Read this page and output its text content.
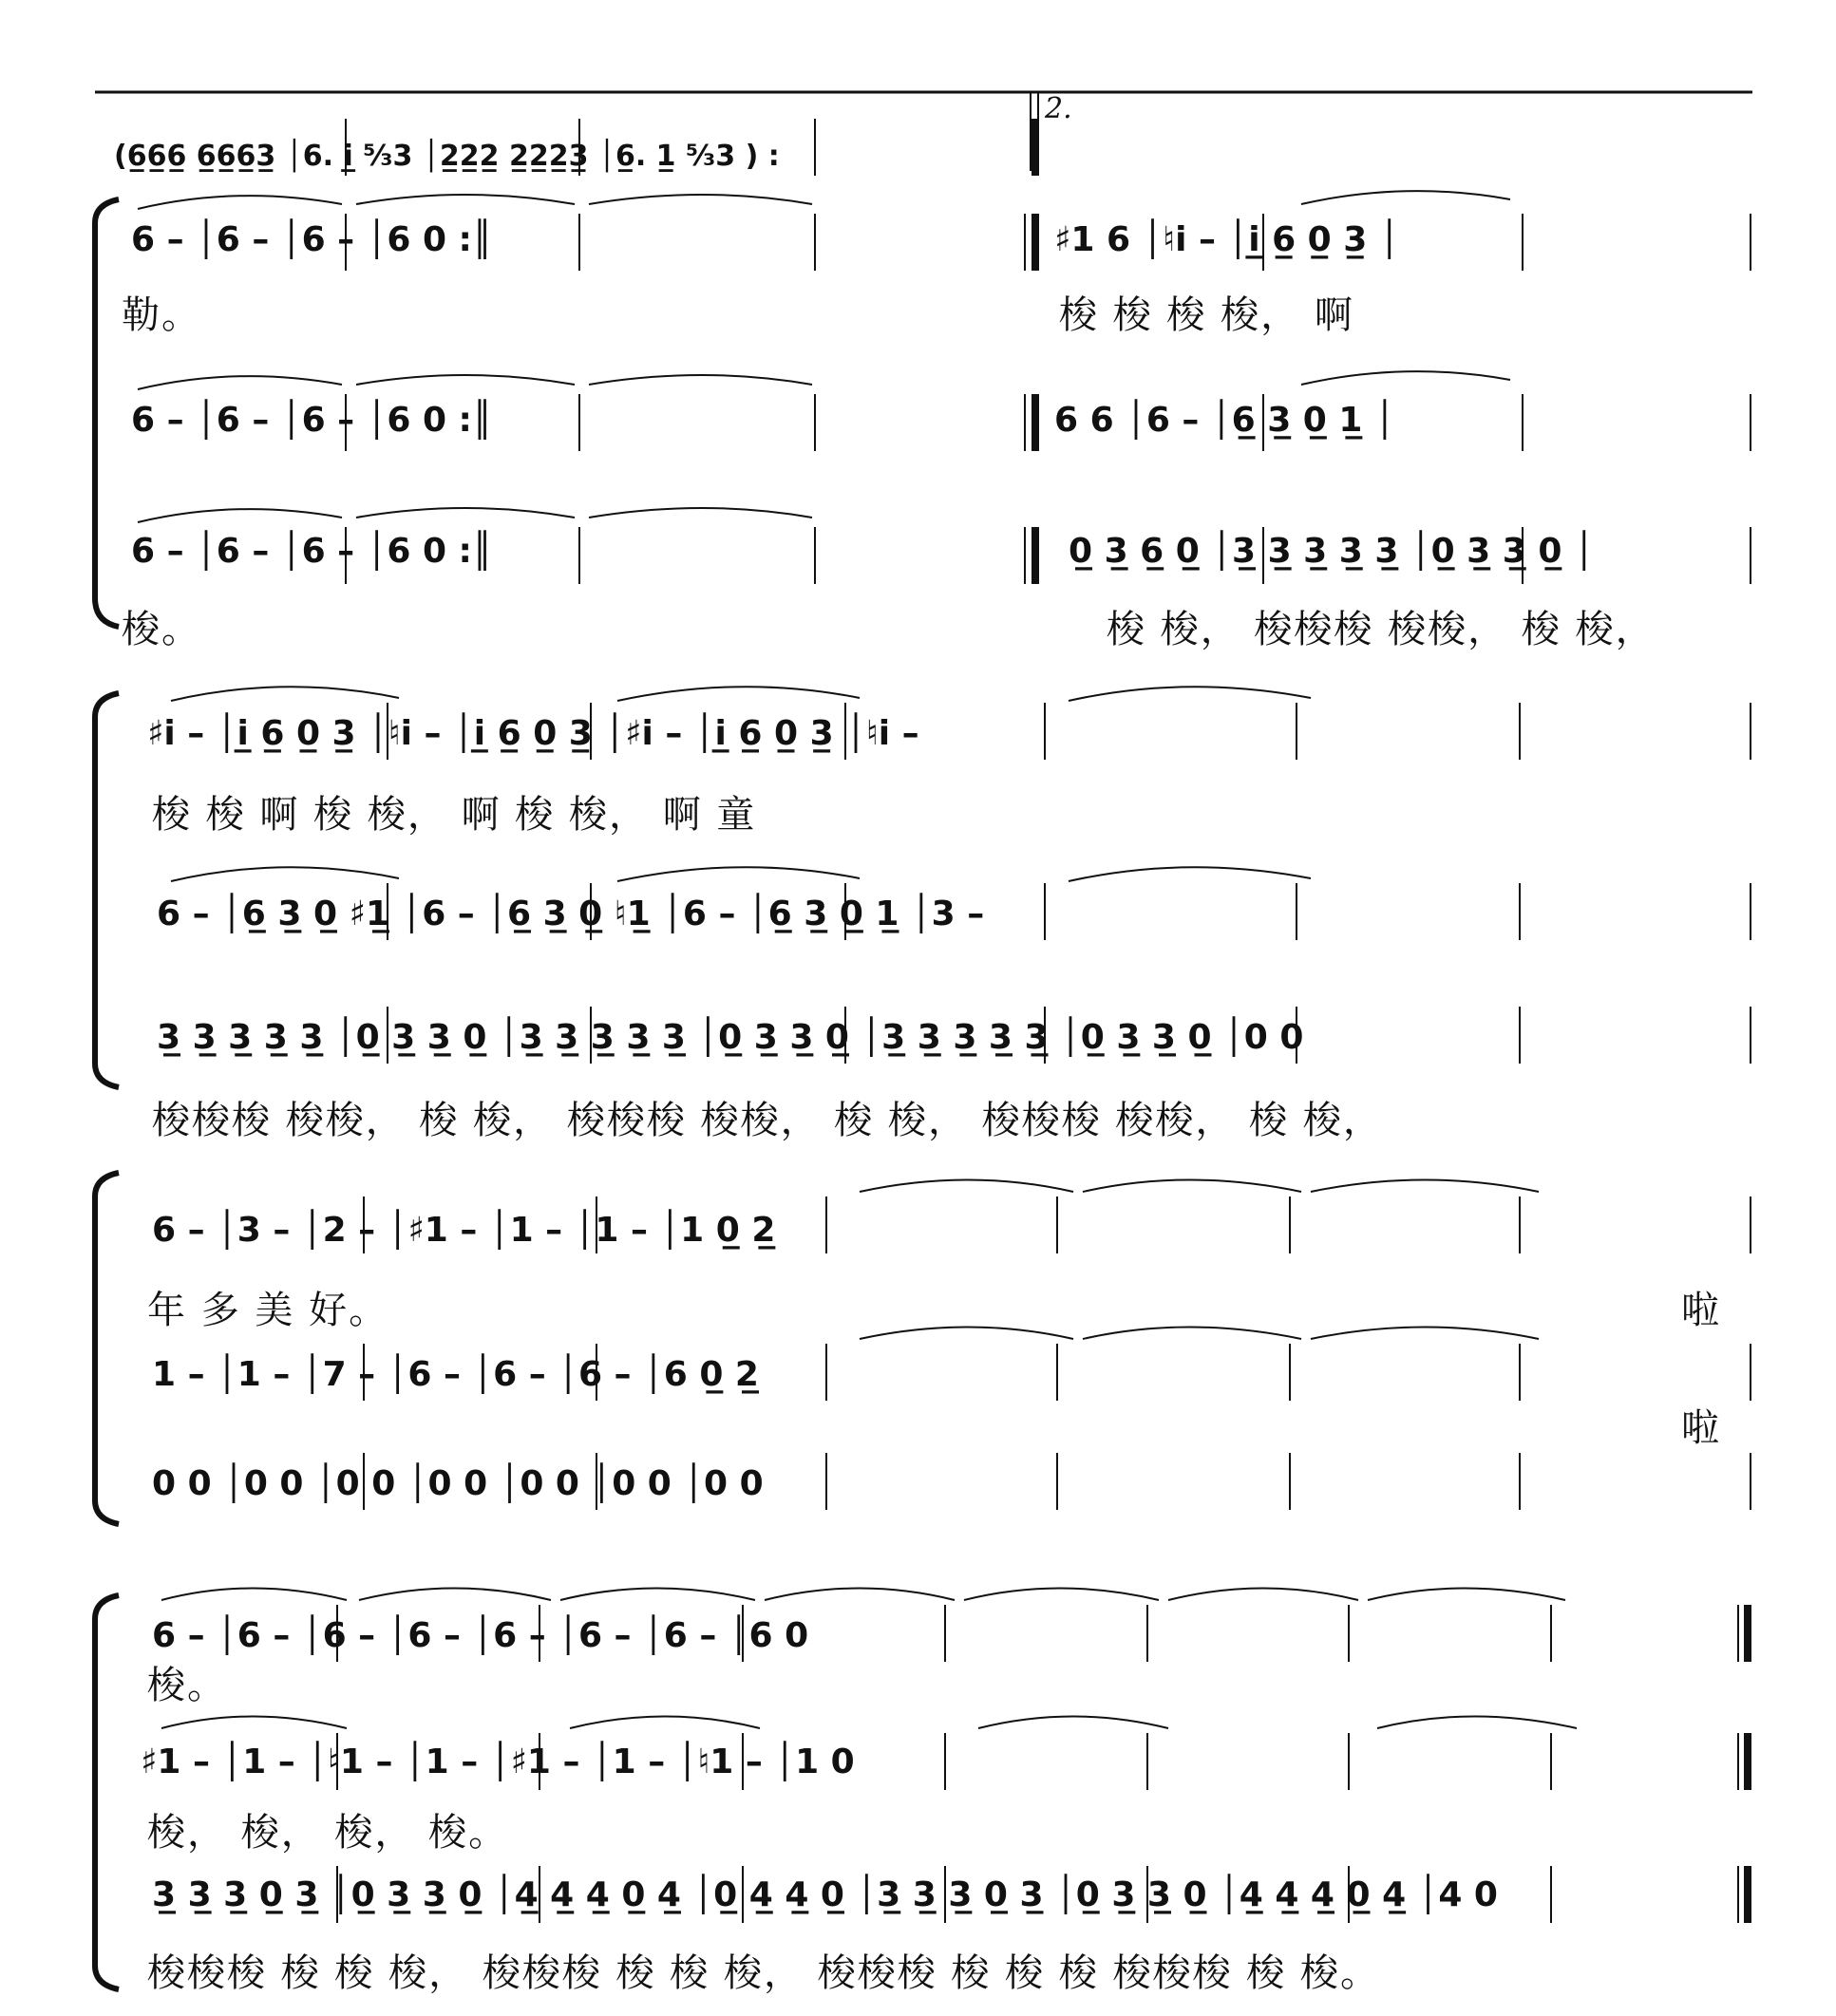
2.
(6̲6̲6̲ 6̲6̲6̲3̲ │6. i̲ ⁵⁄₃3 │2̲2̲2̲ 2̲2̲2̲3̲ │6̲. 1̲ ⁵⁄₃3 ) :
6 – │6 – │6 – │6 0 :║	♯1 6 │♮i – │i̲ 6̲ 0̲ 3̲ │
勒。	梭 梭 梭 梭， 啊
6 – │6 – │6 – │6 0 :║	6 6 │6 – │6̲ 3̲ 0̲ 1̲ │
6 – │6 – │6 – │6 0 :║	0̲ 3̲ 6̲ 0̲ │3̲ 3̲ 3̲ 3̲ 3̲ │0̲ 3̲ 3̲ 0̲ │
梭。	梭 梭， 梭梭梭 梭梭， 梭 梭，
♯i – │i̲ 6̲ 0̲ 3̲ │♮i – │i̲ 6̲ 0̲ 3̲ │♯i – │i̲ 6̲ 0̲ 3̲ │♮i –
梭 梭 啊 梭 梭， 啊 梭 梭， 啊 童
6 – │6̲ 3̲ 0̲ ♯1̲ │6 – │6̲ 3̲ 0̲ ♮1̲ │6 – │6̲ 3̲ 0̲ 1̲ │3 –
3̲ 3̲ 3̲ 3̲ 3̲ │0̲ 3̲ 3̲ 0̲ │3̲ 3̲ 3̲ 3̲ 3̲ │0̲ 3̲ 3̲ 0̲ │3̲ 3̲ 3̲ 3̲ 3̲ │0̲ 3̲ 3̲ 0̲ │0 0
梭梭梭 梭梭， 梭 梭， 梭梭梭 梭梭， 梭 梭， 梭梭梭 梭梭， 梭 梭，
6 – │3 – │2 – │♯1 – │1 – │1 – │1 0̲ 2̲
年 多 美 好。	啦
1 – │1 – │7 – │6 – │6 – │6 – │6 0̲ 2̲
啦
0 0 │0 0 │0 0 │0 0 │0 0 │0 0 │0 0
6 – │6 – │6 – │6 – │6 – │6 – │6 – │6 0
梭。
♯1 – │1 – │♮1 – │1 – │♯1 – │1 – │♮1 – │1 0
梭， 梭， 梭， 梭。
3̲ 3̲ 3̲ 0̲ 3̲ │0̲ 3̲ 3̲ 0̲ │4̲ 4̲ 4̲ 0̲ 4̲ │0̲ 4̲ 4̲ 0̲ │3̲ 3̲ 3̲ 0̲ 3̲ │0̲ 3̲ 3̲ 0̲ │4̲ 4̲ 4̲ 0̲ 4̲ │4 0
梭梭梭 梭 梭 梭， 梭梭梭 梭 梭 梭， 梭梭梭 梭 梭 梭 梭梭梭 梭 梭。
